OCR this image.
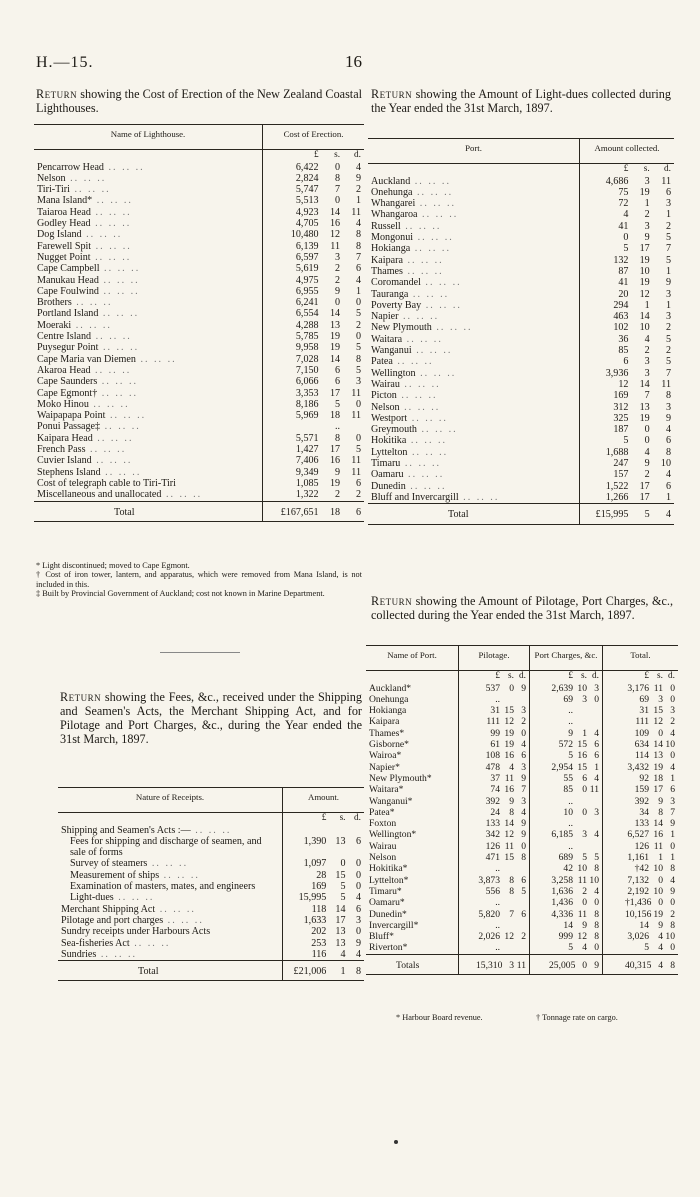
H.—15.	16
Return showing the Cost of Erection of the New Zealand Coastal Lighthouses.
Name of Lighthouse.	Cost of Erection.		
	£	s.	d.
Pencarrow Head .. .. ..	6,422	0	4
Nelson .. .. ..	2,824	8	9
Tiri-Tiri .. .. ..	5,747	7	2
Mana Island* .. .. ..	5,513	0	1
Taiaroa Head .. .. ..	4,923	14	11
Godley Head .. .. ..	4,705	16	4
Dog Island .. .. ..	10,480	12	8
Farewell Spit .. .. ..	6,139	11	8
Nugget Point .. .. ..	6,597	3	7
Cape Campbell .. .. ..	5,619	2	6
Manukau Head .. .. ..	4,975	2	4
Cape Foulwind .. .. ..	6,955	9	1
Brothers .. .. ..	6,241	0	0
Portland Island .. .. ..	6,554	14	5
Moeraki .. .. ..	4,288	13	2
Centre Island .. .. ..	5,785	19	0
Puysegur Point .. .. ..	9,958	19	5
Cape Maria van Diemen .. .. ..	7,028	14	8
Akaroa Head .. .. ..	7,150	6	5
Cape Saunders .. .. ..	6,066	6	3
Cape Egmont† .. .. ..	3,353	17	11
Moko Hinou .. .. ..	8,186	5	0
Waipapapa Point .. .. ..	5,969	18	11
Ponui Passage‡ .. .. ..		..	
Kaipara Head .. .. ..	5,571	8	0
French Pass .. .. ..	1,427	17	5
Cuvier Island .. .. ..	7,406	16	11
Stephens Island .. .. ..	9,349	9	11
Cost of telegraph cable to Tiri-Tiri	1,085	19	6
Miscellaneous and unallocated .. .. ..	1,322	2	2
Total	£167,651	18	6
* Light discontinued; moved to Cape Egmont.
† Cost of iron tower, lantern, and apparatus, which were removed from Mana Island, is not included in this.
‡ Built by Provincial Government of Auckland; cost not known in Marine Department.
Return showing the Amount of Light-dues collected during the Year ended the 31st March, 1897.
Port.	Amount collected.		
	£	s.	d.
Auckland .. .. ..	4,686	3	11
Onehunga .. .. ..	75	19	6
Whangarei .. .. ..	72	1	3
Whangaroa .. .. ..	4	2	1
Russell .. .. ..	41	3	2
Mongonui .. .. ..	0	9	5
Hokianga .. .. ..	5	17	7
Kaipara .. .. ..	132	19	5
Thames .. .. ..	87	10	1
Coromandel .. .. ..	41	19	9
Tauranga .. .. ..	20	12	3
Poverty Bay .. .. ..	294	1	1
Napier .. .. ..	463	14	3
New Plymouth .. .. ..	102	10	2
Waitara .. .. ..	36	4	5
Wanganui .. .. ..	85	2	2
Patea .. .. ..	6	3	5
Wellington .. .. ..	3,936	3	7
Wairau .. .. ..	12	14	11
Picton .. .. ..	169	7	8
Nelson .. .. ..	312	13	3
Westport .. .. ..	325	19	9
Greymouth .. .. ..	187	0	4
Hokitika .. .. ..	5	0	6
Lyttelton .. .. ..	1,688	4	8
Timaru .. .. ..	247	9	10
Oamaru .. .. ..	157	2	4
Dunedin .. .. ..	1,522	17	6
Bluff and Invercargill .. .. ..	1,266	17	1
Total	£15,995	5	4
Return showing the Amount of Pilotage, Port Charges, &c., collected during the Year ended the 31st March, 1897.
Name of Port.	Pilotage.	Port Charges, &c.	Total.
	£ s. d.	£ s. d.	£ s. d.
Auckland*	537 0 9	2,639 10 3	3,176 11 0
Onehunga	..	69 3 0	69 3 0
Hokianga	31 15 3	..	31 15 3
Kaipara	111 12 2	..	111 12 2
Thames*	99 19 0	9 1 4	109 0 4
Gisborne*	61 19 4	572 15 6	634 14 10
Wairoa*	108 16 6	5 16 6	114 13 0
Napier*	478 4 3	2,954 15 1	3,432 19 4
New Plymouth*	37 11 9	55 6 4	92 18 1
Waitara*	74 16 7	85 0 11	159 17 6
Wanganui*	392 9 3	..	392 9 3
Patea*	24 8 4	10 0 3	34 8 7
Foxton	133 14 9	..	133 14 9
Wellington*	342 12 9	6,185 3 4	6,527 16 1
Wairau	126 11 0	..	126 11 0
Nelson	471 15 8	689 5 5	1,161 1 1
Hokitika*	..	42 10 8	†42 10 8
Lyttelton*	3,873 8 6	3,258 11 10	7,132 0 4
Timaru*	556 8 5	1,636 2 4	2,192 10 9
Oamaru*	..	1,436 0 0	†1,436 0 0
Dunedin*	5,820 7 6	4,336 11 8	10,156 19 2
Invercargill*	..	14 9 8	14 9 8
Bluff*	2,026 12 2	999 12 8	3,026 4 10
Riverton*	..	5 4 0	5 4 0
Totals	15,310 3 11	25,005 0 9	40,315 4 8
* Harbour Board revenue.	† Tonnage rate on cargo.
Return showing the Fees, &c., received under the Shipping and Seamen's Acts, the Merchant Shipping Act, and for Pilotage and Port Charges, &c., during the Year ended the 31st March, 1897.
Nature of Receipts.	Amount.		
	£	s.	d.
Shipping and Seamen's Acts :— .. .. ..			
Fees for shipping and discharge of seamen, and sale of forms	1,390	13	6
Survey of steamers .. .. ..	1,097	0	0
Measurement of ships .. .. ..	28	15	0
Examination of masters, mates, and engineers	169	5	0
Light-dues .. .. ..	15,995	5	4
Merchant Shipping Act .. .. ..	118	14	6
Pilotage and port charges .. .. ..	1,633	17	3
Sundry receipts under Harbours Acts	202	13	0
Sea-fisheries Act .. .. ..	253	13	9
Sundries .. .. ..	116	4	4
Total	£21,006	1	8
